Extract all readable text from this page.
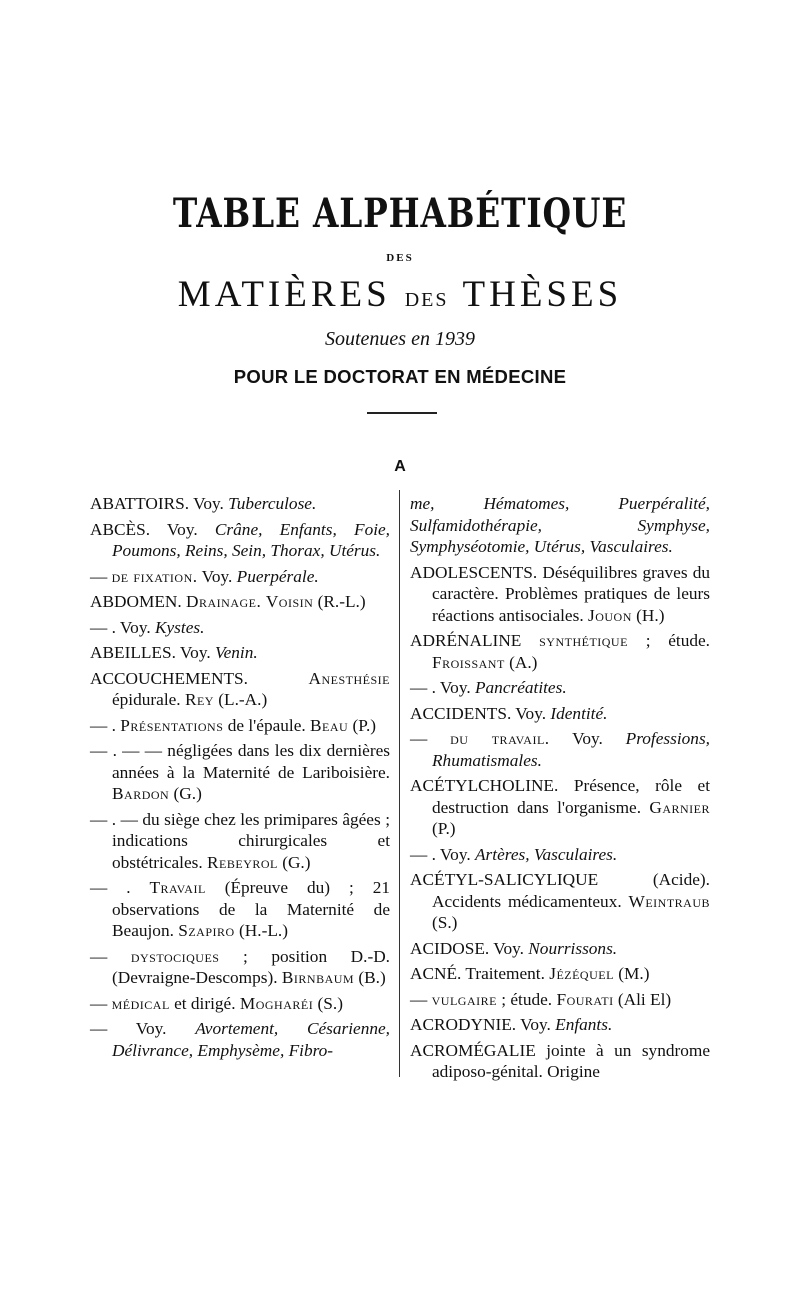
TABLE ALPHABÉTIQUE
DES
MATIÈRES DES THÈSES
Soutenues en 1939
POUR LE DOCTORAT EN MÉDECINE
A
ABATTOIRS. Voy. Tuberculose.
ABCÈS. Voy. Crâne, Enfants, Foie, Poumons, Reins, Sein, Thorax, Utérus.
— de fixation. Voy. Puerpérale.
ABDOMEN. Drainage. Voisin (R.-L.)
— . Voy. Kystes.
ABEILLES. Voy. Venin.
ACCOUCHEMENTS. Anesthésie épidurale. Rey (L.-A.)
— . Présentations de l'épaule. Beau (P.)
— . — — négligées dans les dix dernières années à la Maternité de Lariboisière. Bardon (G.)
— . — du siège chez les primipares âgées ; indications chirurgicales et obstétricales. Rebeyrol (G.)
— . Travail (Épreuve du) ; 21 observations de la Maternité de Beaujon. Szapiro (H.-L.)
— dystociques ; position D.-D. (Devraigne-Descomps). Birnbaum (B.)
— médical et dirigé. Mogharéi (S.)
— Voy. Avortement, Césarienne, Délivrance, Emphysème, Fibro-
me, Hématomes, Puerpéralité, Sulfamidothérapie, Symphyse, Symphyséotomie, Utérus, Vasculaires.
ADOLESCENTS. Déséquilibres graves du caractère. Problèmes pratiques de leurs réactions antisociales. Jouon (H.)
ADRÉNALINE synthétique ; étude. Froissant (A.)
— . Voy. Pancréatites.
ACCIDENTS. Voy. Identité.
— du travail. Voy. Professions, Rhumatismales.
ACÉTYLCHOLINE. Présence, rôle et destruction dans l'organisme. Garnier (P.)
— . Voy. Artères, Vasculaires.
ACÉTYL-SALICYLIQUE (Acide). Accidents médicamenteux. Weintraub (S.)
ACIDOSE. Voy. Nourrissons.
ACNÉ. Traitement. Jézéquel (M.)
— vulgaire ; étude. Fourati (Ali El)
ACRODYNIE. Voy. Enfants.
ACROMÉGALIE jointe à un syndrome adiposo-génital. Origine
